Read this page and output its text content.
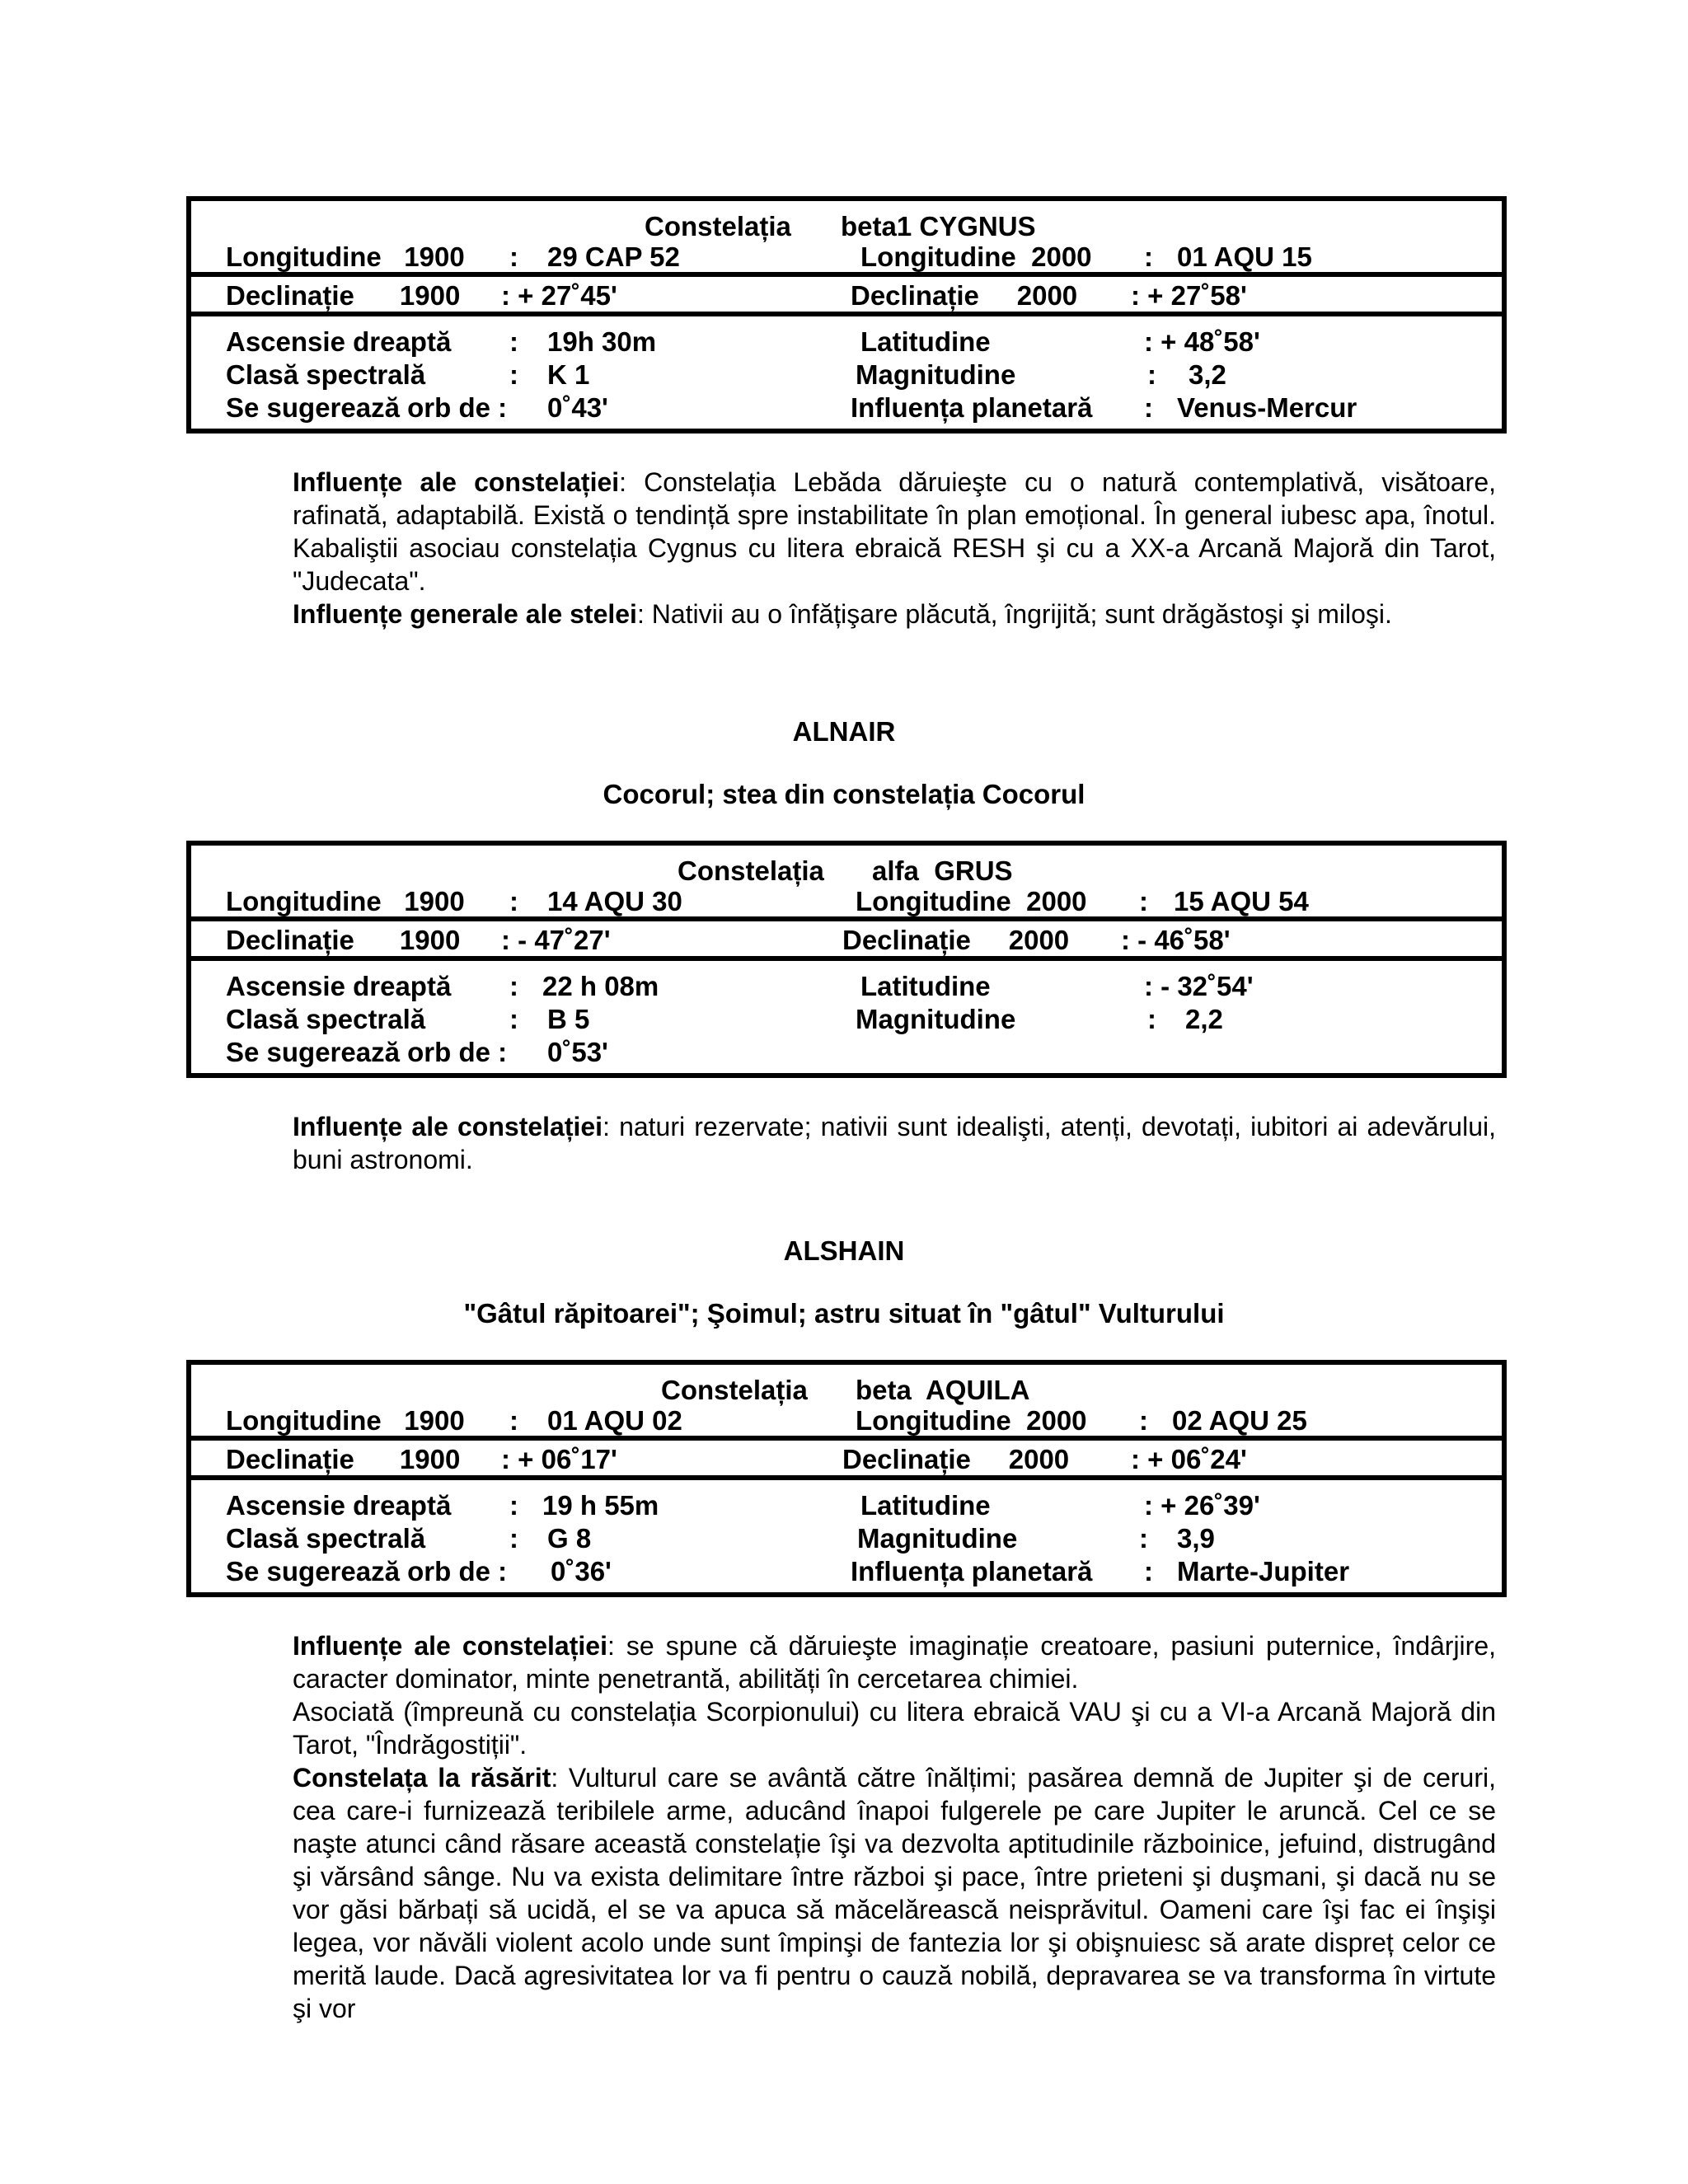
Constelația beta1 CYGNUS
Longitudine   1900 : 29 CAP 52	Longitudine  2000 : 01 AQU 15
Declinație      1900 : + 27˚45ʹ	Declinație     2000 : + 27˚58ʹ
Ascensie dreaptă : 19h 30m	Latitudine	: + 48˚58ʹ
Clasă spectrală	: K 1	Magnitudine	: 3,2
Se sugerează orb de : 0˚43ʹ	Influența planetară : Venus-Mercur
Influențe ale constelației: Constelația Lebăda dăruieşte cu o natură contemplativă, visătoare, rafinată, adaptabilă. Există o tendință spre instabilitate în plan emoțional. În general iubesc apa, înotul. Kabaliştii asociau constelația Cygnus cu litera ebraică RESH şi cu a XX-a Arcană Majoră din Tarot, "Judecata".
Influențe generale ale stelei: Nativii au o înfățişare plăcută, îngrijită; sunt drăgăstoşi şi miloşi.

ALNAIR

Cocorul; stea din constelația Cocorul

Constelația alfa  GRUS
Longitudine   1900 : 14 AQU 30	Longitudine  2000 : 15 AQU 54
Declinație      1900 : - 47˚27ʹ	Declinație     2000 : - 46˚58ʹ
Ascensie dreaptă : 22 h 08m	Latitudine	: - 32˚54ʹ
Clasă spectrală	: B 5	Magnitudine	: 2,2
Se sugerează orb de : 0˚53ʹ
Influențe ale constelației: naturi rezervate; nativii sunt idealişti, atenți, devotați, iubitori ai adevărului, buni astronomi.

ALSHAIN

"Gâtul răpitoarei"; Şoimul; astru situat în "gâtul" Vulturului

Constelația beta  AQUILA
Longitudine   1900 : 01 AQU 02	Longitudine  2000 : 02 AQU 25
Declinație      1900 : + 06˚17ʹ	Declinație     2000 : + 06˚24ʹ
Ascensie dreaptă : 19 h 55m	Latitudine	: + 26˚39ʹ
Clasă spectrală	: G 8	Magnitudine	: 3,9
Se sugerează orb de : 0˚36ʹ	Influența planetară : Marte-Jupiter
Influențe ale constelației: se spune că dăruieşte imaginație creatoare, pasiuni puternice, îndârjire, caracter dominator, minte penetrantă, abilități în cercetarea chimiei.
Asociată (împreună cu constelația Scorpionului) cu litera ebraică VAU şi cu a VI-a Arcană Majoră din Tarot, "Îndrăgostiții".
Constelața la răsărit: Vulturul care se avântă către înălțimi; pasărea demnă de Jupiter şi de ceruri, cea care-i furnizează teribilele arme, aducând înapoi fulgerele pe care Jupiter le aruncă. Cel ce se naşte atunci când răsare această constelație îşi va dezvolta aptitudinile războinice, jefuind, distrugând şi vărsând sânge. Nu va exista delimitare între război şi pace, între prieteni şi duşmani, şi dacă nu se vor găsi bărbați să ucidă, el se va apuca să măcelărească neisprăvitul. Oameni care îşi fac ei înşişi legea, vor năvăli violent acolo unde sunt împinşi de fantezia lor şi obişnuiesc să arate dispreț celor ce merită laude. Dacă agresivitatea lor va fi pentru o cauză nobilă, depravarea se va transforma în virtute şi vor
